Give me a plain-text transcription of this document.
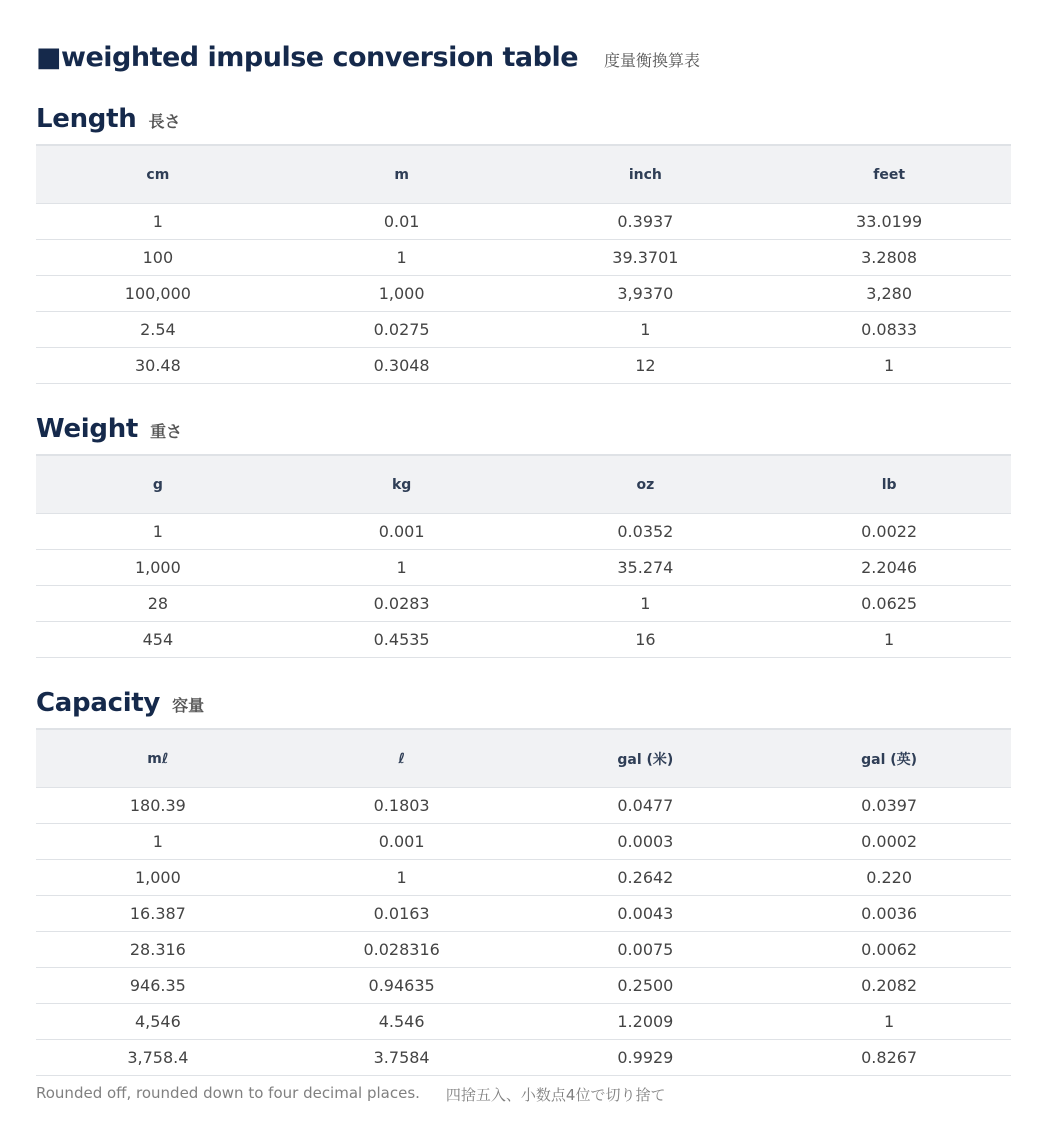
■weighted impulse conversion table 度量衡換算表
Length 長さ
cm	m	inch	feet
1	0.01	0.3937	33.0199
100	1	39.3701	3.2808
100,000	1,000	3,9370	3,280
2.54	0.0275	1	0.0833
30.48	0.3048	12	1
Weight 重さ
g	kg	oz	lb
1	0.001	0.0352	0.0022
1,000	1	35.274	2.2046
28	0.0283	1	0.0625
454	0.4535	16	1
Capacity 容量
mℓ	ℓ	gal (米)	gal (英)
180.39	0.1803	0.0477	0.0397
1	0.001	0.0003	0.0002
1,000	1	0.2642	0.220
16.387	0.0163	0.0043	0.0036
28.316	0.028316	0.0075	0.0062
946.35	0.94635	0.2500	0.2082
4,546	4.546	1.2009	1
3,758.4	3.7584	0.9929	0.8267
Rounded off, rounded down to four decimal places. 四捨五入、小数点4位で切り捨て
